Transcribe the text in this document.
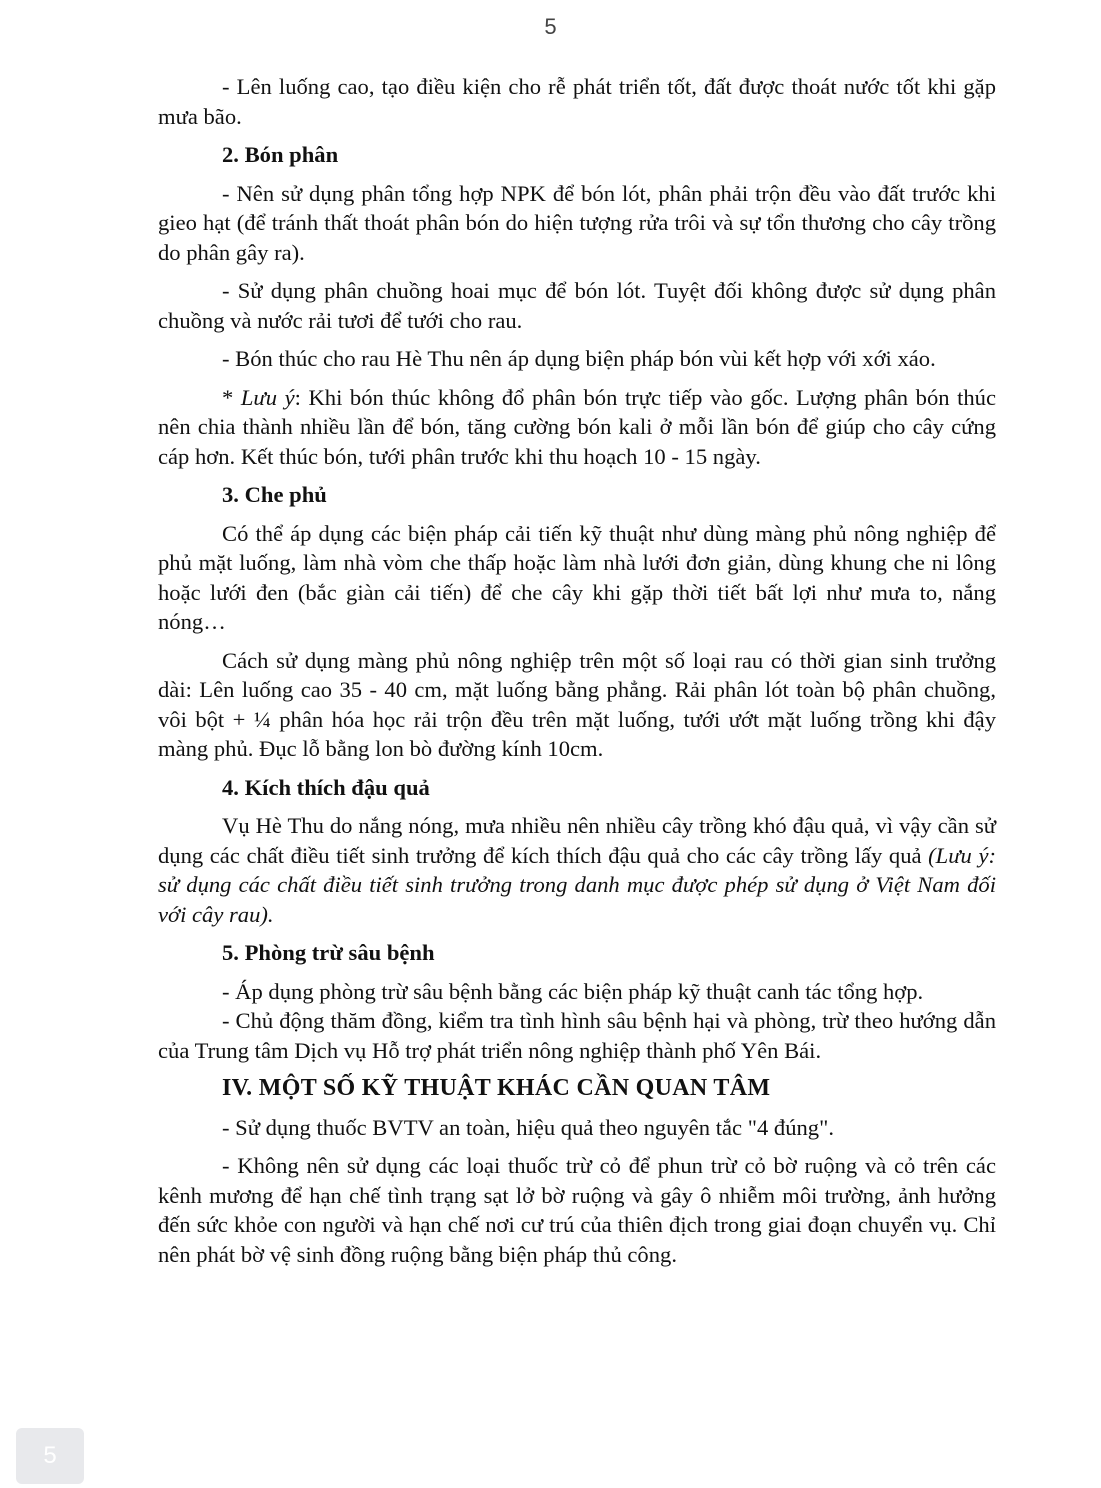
5

- Lên luống cao, tạo điều kiện cho rễ phát triển tốt, đất được thoát nước tốt khi gặp mưa bão.

2. Bón phân

- Nên sử dụng phân tổng hợp NPK để bón lót, phân phải trộn đều vào đất trước khi gieo hạt (để tránh thất thoát phân bón do hiện tượng rửa trôi và sự tổn thương cho cây trồng do phân gây ra).

- Sử dụng phân chuồng hoai mục để bón lót. Tuyệt đối không được sử dụng phân chuồng và nước rải tươi để tưới cho rau.

- Bón thúc cho rau Hè Thu nên áp dụng biện pháp bón vùi kết hợp với xới xáo.

* Lưu ý: Khi bón thúc không đổ phân bón trực tiếp vào gốc. Lượng phân bón thúc nên chia thành nhiều lần để bón, tăng cường bón kali ở mỗi lần bón để giúp cho cây cứng cáp hơn. Kết thúc bón, tưới phân trước khi thu hoạch 10 - 15 ngày.

3. Che phủ

Có thể áp dụng các biện pháp cải tiến kỹ thuật như dùng màng phủ nông nghiệp để phủ mặt luống, làm nhà vòm che thấp hoặc làm nhà lưới đơn giản, dùng khung che ni lông hoặc lưới đen (bắc giàn cải tiến) để che cây khi gặp thời tiết bất lợi như mưa to, nắng nóng…

Cách sử dụng màng phủ nông nghiệp trên một số loại rau có thời gian sinh trưởng dài: Lên luống cao 35 - 40 cm, mặt luống bằng phẳng. Rải phân lót toàn bộ phân chuồng, vôi bột + ¼ phân hóa học rải trộn đều trên mặt luống, tưới ướt mặt luống trồng khi đậy màng phủ. Đục lỗ bằng lon bò đường kính 10cm.

4. Kích thích đậu quả

Vụ Hè Thu do nắng nóng, mưa nhiều nên nhiều cây trồng khó đậu quả, vì vậy cần sử dụng các chất điều tiết sinh trưởng để kích thích đậu quả cho các cây trồng lấy quả (Lưu ý: sử dụng các chất điều tiết sinh trưởng trong danh mục được phép sử dụng ở Việt Nam đối với cây rau).

5. Phòng trừ sâu bệnh

- Áp dụng phòng trừ sâu bệnh bằng các biện pháp kỹ thuật canh tác tổng hợp.

- Chủ động thăm đồng, kiểm tra tình hình sâu bệnh hại và phòng, trừ theo hướng dẫn của Trung tâm Dịch vụ Hỗ trợ phát triển nông nghiệp thành phố Yên Bái.

IV. MỘT SỐ KỸ THUẬT KHÁC CẦN QUAN TÂM

- Sử dụng thuốc BVTV an toàn, hiệu quả theo nguyên tắc "4 đúng".

- Không nên sử dụng các loại thuốc trừ cỏ để phun trừ cỏ bờ ruộng và cỏ trên các kênh mương để hạn chế tình trạng sạt lở bờ ruộng và gây ô nhiễm môi trường, ảnh hưởng đến sức khỏe con người và hạn chế nơi cư trú của thiên địch trong giai đoạn chuyển vụ. Chỉ nên phát bờ vệ sinh đồng ruộng bằng biện pháp thủ công.

5
